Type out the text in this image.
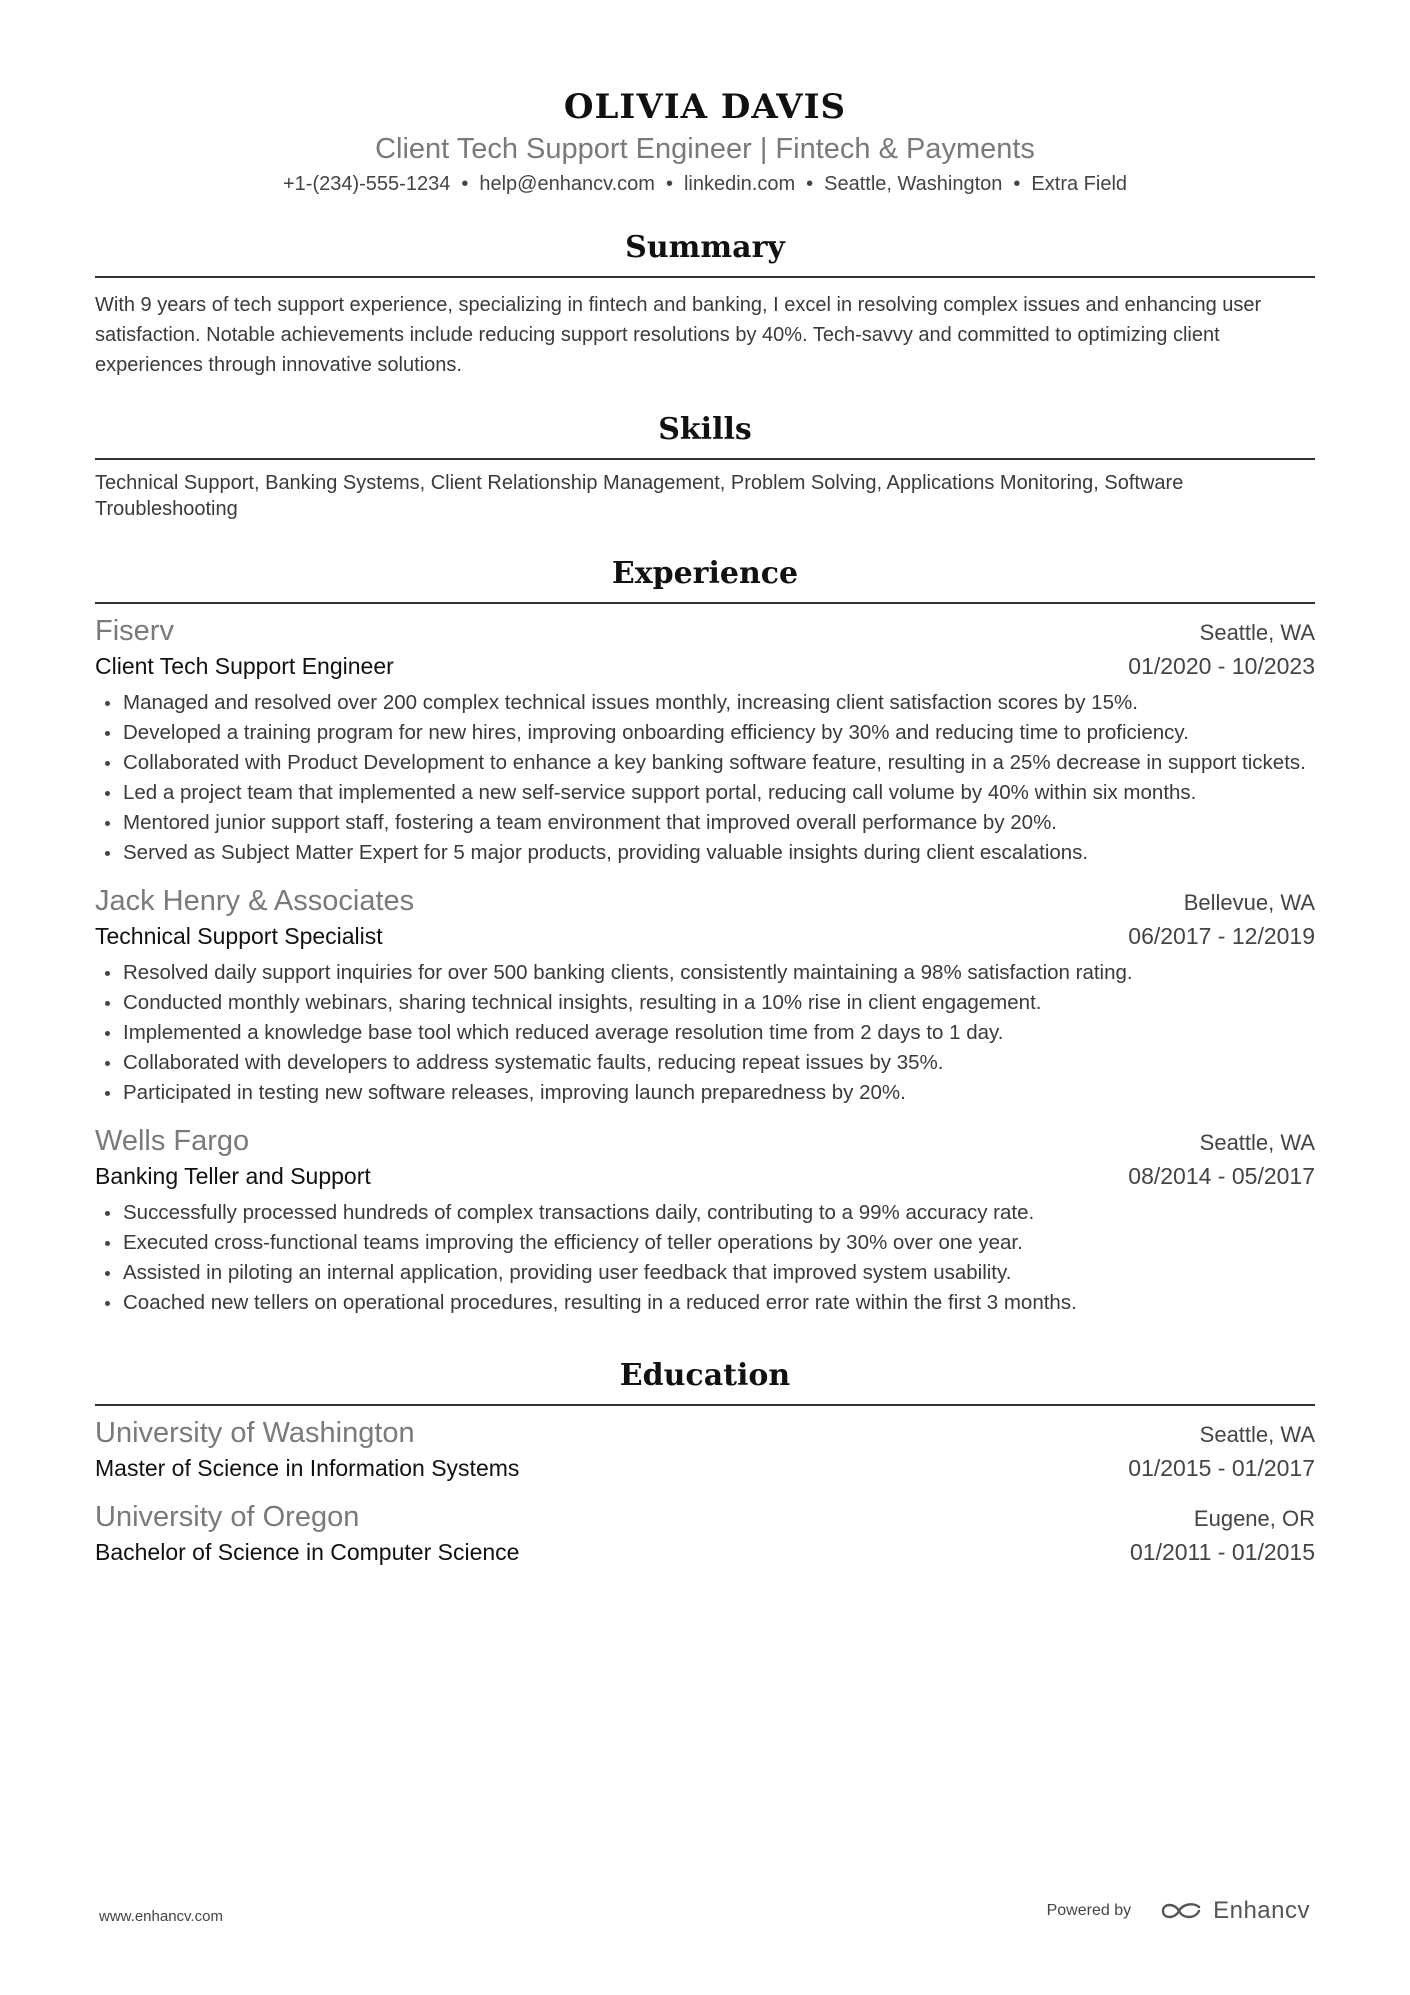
OLIVIA DAVIS
Client Tech Support Engineer | Fintech & Payments
+1-(234)-555-1234 • help@enhancv.com • linkedin.com • Seattle, Washington • Extra Field
Summary
With 9 years of tech support experience, specializing in fintech and banking, I excel in resolving complex issues and enhancing user satisfaction. Notable achievements include reducing support resolutions by 40%. Tech-savvy and committed to optimizing client experiences through innovative solutions.
Skills
Technical Support, Banking Systems, Client Relationship Management, Problem Solving, Applications Monitoring, Software Troubleshooting
Experience
Fiserv	Seattle, WA
Client Tech Support Engineer	01/2020 - 10/2023
Managed and resolved over 200 complex technical issues monthly, increasing client satisfaction scores by 15%.
Developed a training program for new hires, improving onboarding efficiency by 30% and reducing time to proficiency.
Collaborated with Product Development to enhance a key banking software feature, resulting in a 25% decrease in support tickets.
Led a project team that implemented a new self-service support portal, reducing call volume by 40% within six months.
Mentored junior support staff, fostering a team environment that improved overall performance by 20%.
Served as Subject Matter Expert for 5 major products, providing valuable insights during client escalations.
Jack Henry & Associates	Bellevue, WA
Technical Support Specialist	06/2017 - 12/2019
Resolved daily support inquiries for over 500 banking clients, consistently maintaining a 98% satisfaction rating.
Conducted monthly webinars, sharing technical insights, resulting in a 10% rise in client engagement.
Implemented a knowledge base tool which reduced average resolution time from 2 days to 1 day.
Collaborated with developers to address systematic faults, reducing repeat issues by 35%.
Participated in testing new software releases, improving launch preparedness by 20%.
Wells Fargo	Seattle, WA
Banking Teller and Support	08/2014 - 05/2017
Successfully processed hundreds of complex transactions daily, contributing to a 99% accuracy rate.
Executed cross-functional teams improving the efficiency of teller operations by 30% over one year.
Assisted in piloting an internal application, providing user feedback that improved system usability.
Coached new tellers on operational procedures, resulting in a reduced error rate within the first 3 months.
Education
University of Washington	Seattle, WA
Master of Science in Information Systems	01/2015 - 01/2017
University of Oregon	Eugene, OR
Bachelor of Science in Computer Science	01/2011 - 01/2015
www.enhancv.com	Powered by	Enhancv
